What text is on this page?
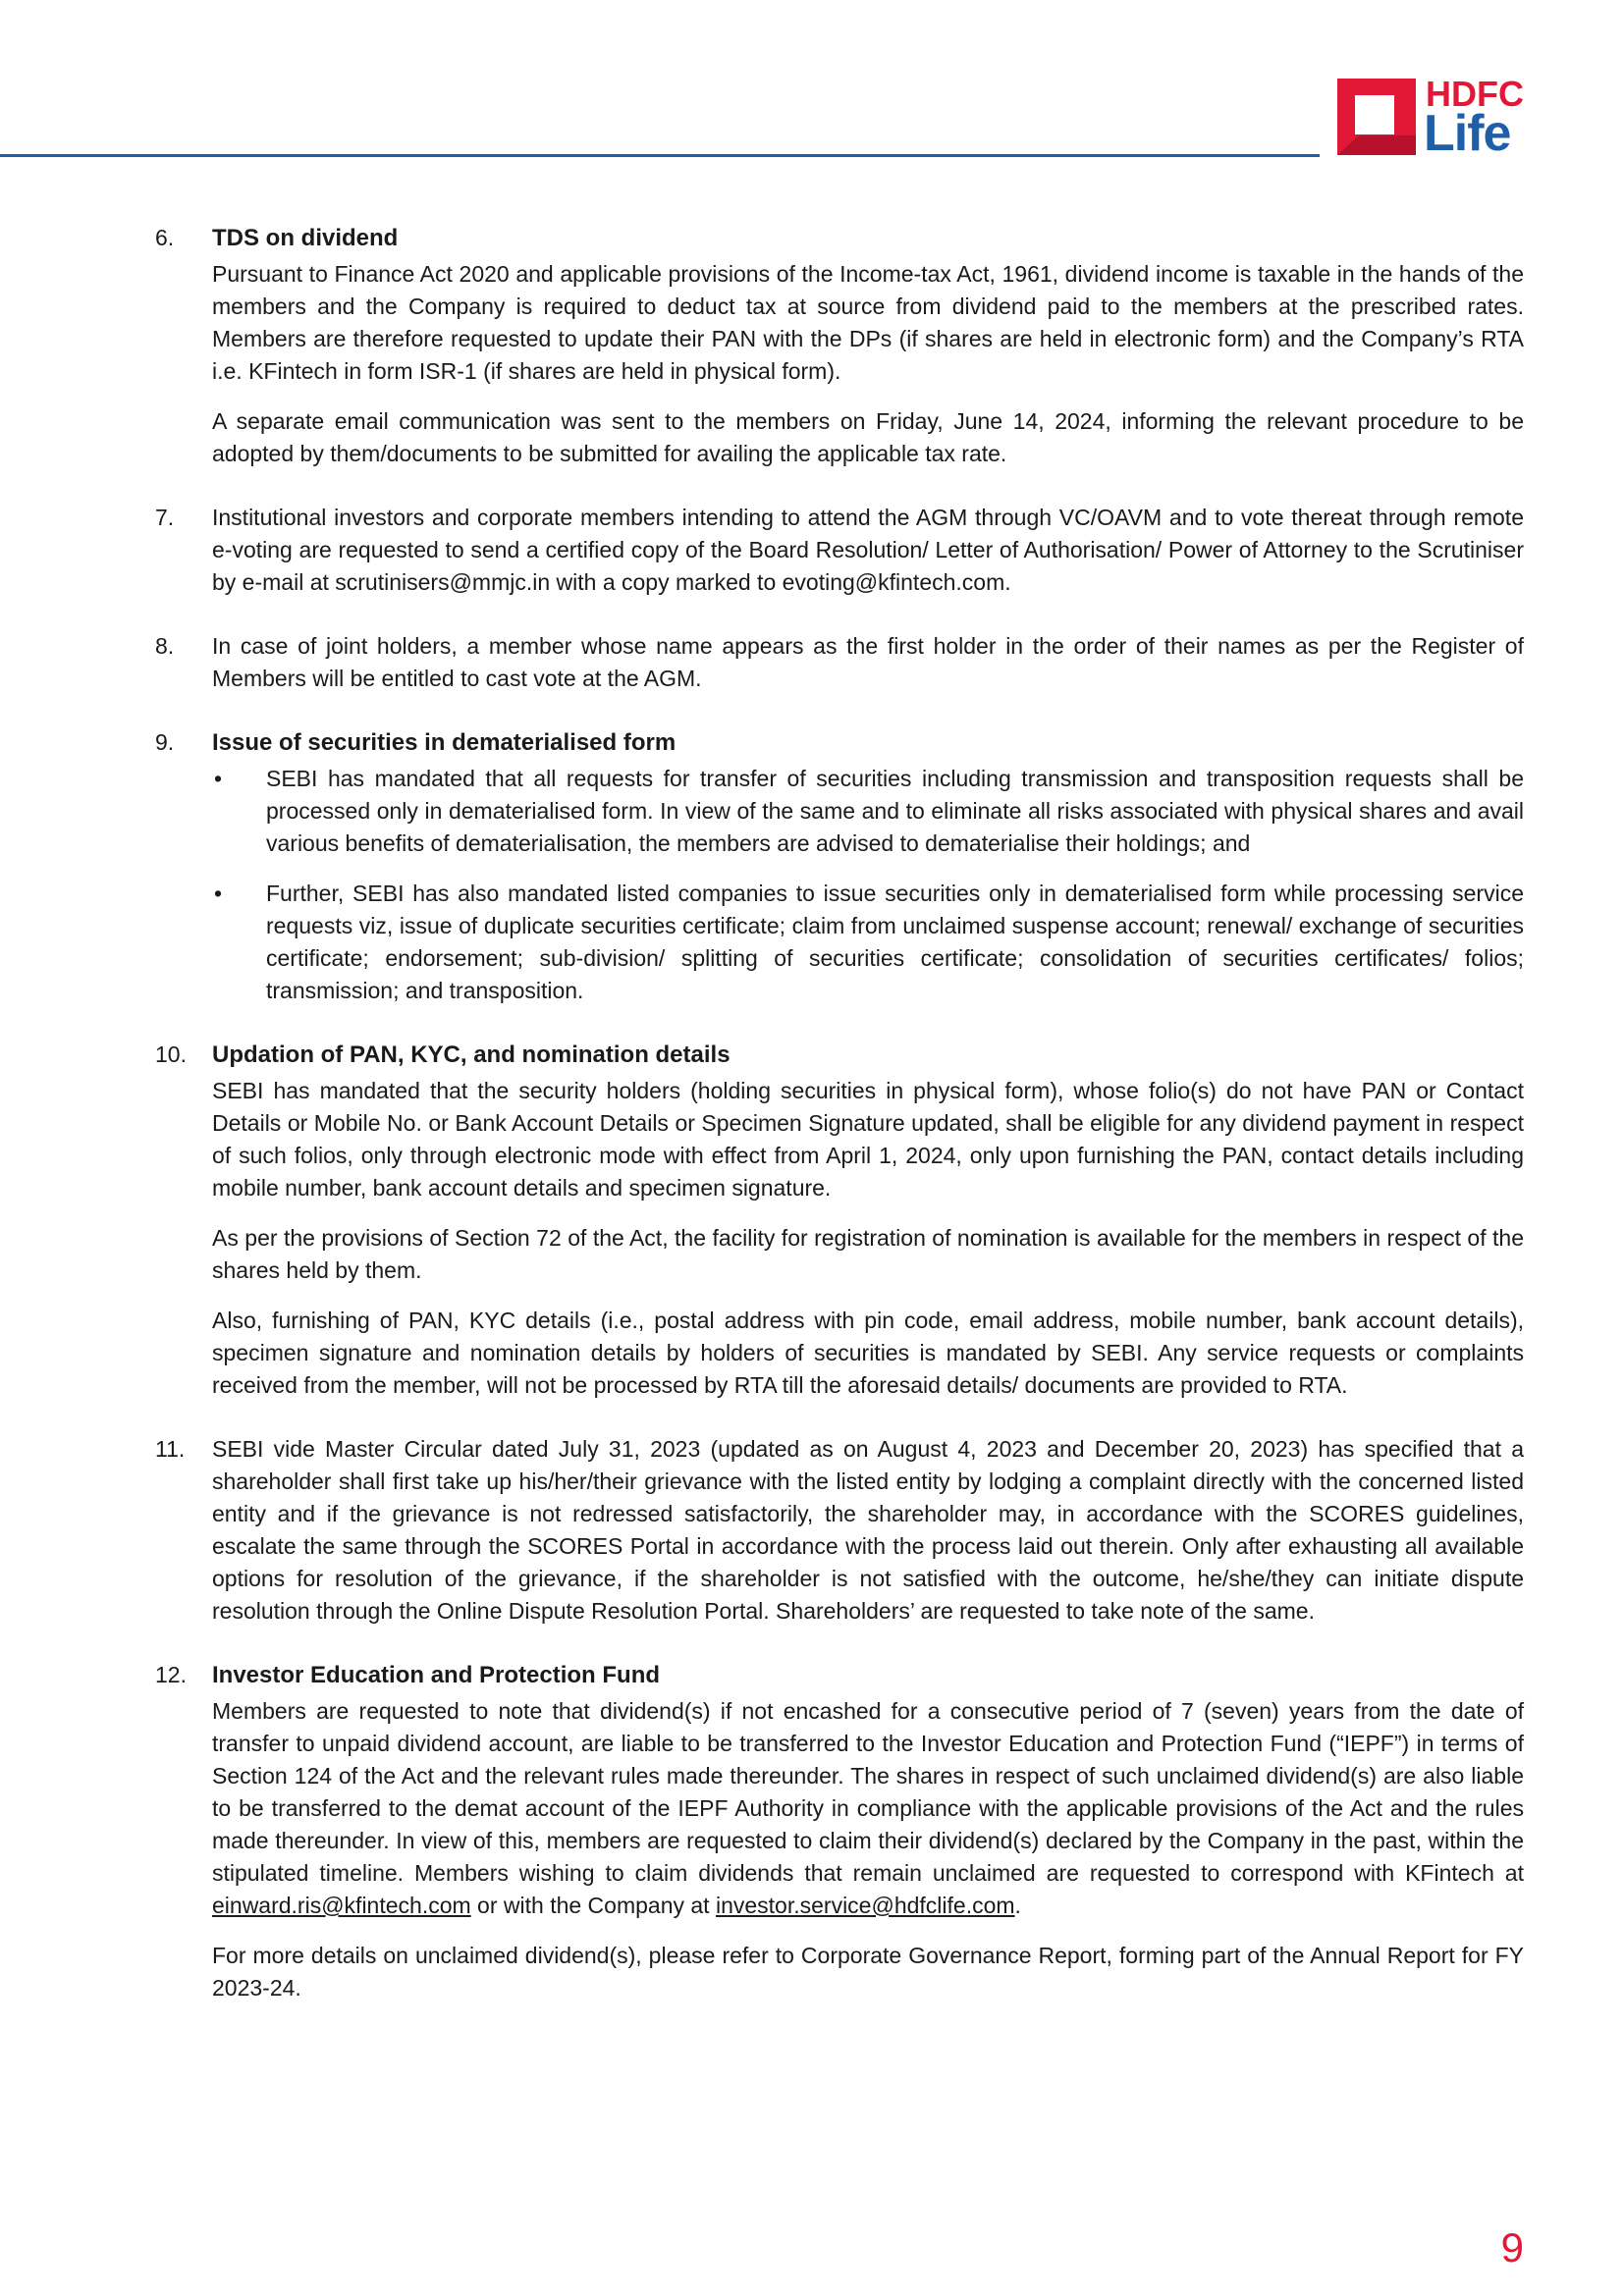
HDFC
Life
6. TDS on dividend

Pursuant to Finance Act 2020 and applicable provisions of the Income-tax Act, 1961, dividend income is taxable in the hands of the members and the Company is required to deduct tax at source from dividend paid to the members at the prescribed rates. Members are therefore requested to update their PAN with the DPs (if shares are held in electronic form) and the Company’s RTA i.e. KFintech in form ISR-1 (if shares are held in physical form).

A separate email communication was sent to the members on Friday, June 14, 2024, informing the relevant procedure to be adopted by them/documents to be submitted for availing the applicable tax rate.

7. Institutional investors and corporate members intending to attend the AGM through VC/OAVM and to vote thereat through remote e-voting are requested to send a certified copy of the Board Resolution/ Letter of Authorisation/ Power of Attorney to the Scrutiniser by e-mail at scrutinisers@mmjc.in with a copy marked to evoting@kfintech.com.

8. In case of joint holders, a member whose name appears as the first holder in the order of their names as per the Register of Members will be entitled to cast vote at the AGM.

9. Issue of securities in dematerialised form
• SEBI has mandated that all requests for transfer of securities including transmission and transposition requests shall be processed only in dematerialised form. In view of the same and to eliminate all risks associated with physical shares and avail various benefits of dematerialisation, the members are advised to dematerialise their holdings; and
• Further, SEBI has also mandated listed companies to issue securities only in dematerialised form while processing service requests viz, issue of duplicate securities certificate; claim from unclaimed suspense account; renewal/ exchange of securities certificate; endorsement; sub-division/ splitting of securities certificate; consolidation of securities certificates/ folios; transmission; and transposition.
10. Updation of PAN, KYC, and nomination details

SEBI has mandated that the security holders (holding securities in physical form), whose folio(s) do not have PAN or Contact Details or Mobile No. or Bank Account Details or Specimen Signature updated, shall be eligible for any dividend payment in respect of such folios, only through electronic mode with effect from April 1, 2024, only upon furnishing the PAN, contact details including mobile number, bank account details and specimen signature.

As per the provisions of Section 72 of the Act, the facility for registration of nomination is available for the members in respect of the shares held by them.

Also, furnishing of PAN, KYC details (i.e., postal address with pin code, email address, mobile number, bank account details), specimen signature and nomination details by holders of securities is mandated by SEBI. Any service requests or complaints received from the member, will not be processed by RTA till the aforesaid details/ documents are provided to RTA.

11. SEBI vide Master Circular dated July 31, 2023 (updated as on August 4, 2023 and December 20, 2023) has specified that a shareholder shall first take up his/her/their grievance with the listed entity by lodging a complaint directly with the concerned listed entity and if the grievance is not redressed satisfactorily, the shareholder may, in accordance with the SCORES guidelines, escalate the same through the SCORES Portal in accordance with the process laid out therein. Only after exhausting all available options for resolution of the grievance, if the shareholder is not satisfied with the outcome, he/she/they can initiate dispute resolution through the Online Dispute Resolution Portal. Shareholders’ are requested to take note of the same.

12. Investor Education and Protection Fund

Members are requested to note that dividend(s) if not encashed for a consecutive period of 7 (seven) years from the date of transfer to unpaid dividend account, are liable to be transferred to the Investor Education and Protection Fund (“IEPF”) in terms of Section 124 of the Act and the relevant rules made thereunder. The shares in respect of such unclaimed dividend(s) are also liable to be transferred to the demat account of the IEPF Authority in compliance with the applicable provisions of the Act and the rules made thereunder. In view of this, members are requested to claim their dividend(s) declared by the Company in the past, within the stipulated timeline. Members wishing to claim dividends that remain unclaimed are requested to correspond with KFintech at einward.ris@kfintech.com or with the Company at investor.service@hdfclife.com.

For more details on unclaimed dividend(s), please refer to Corporate Governance Report, forming part of the Annual Report for FY 2023-24.

9
